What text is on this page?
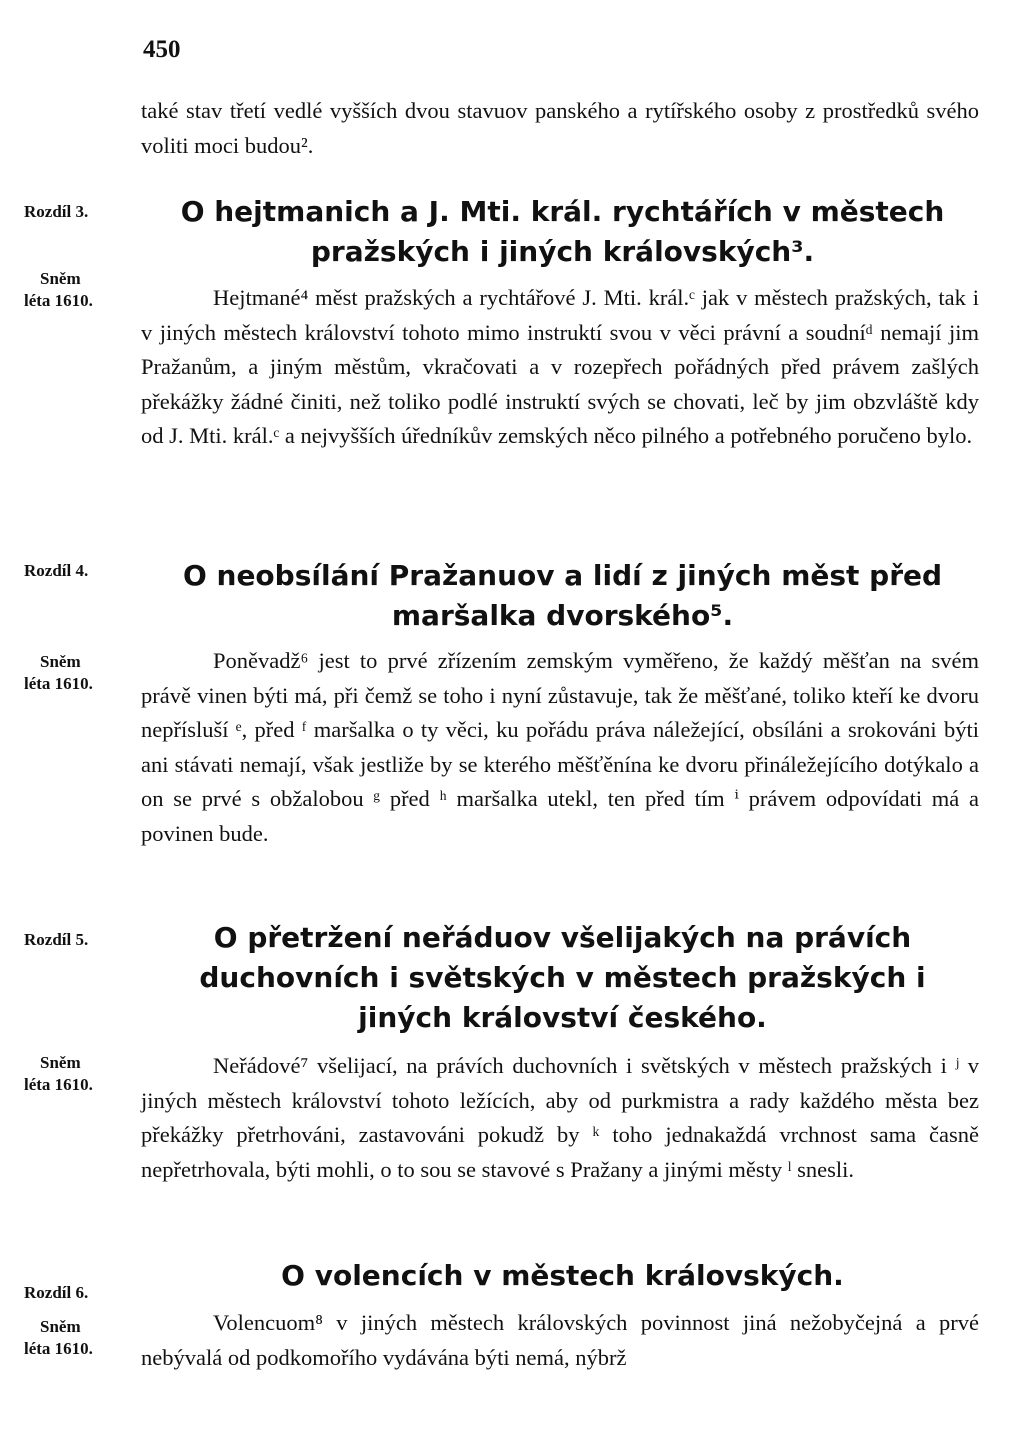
450

také stav třetí vedlé vyšších dvou stavuov panského a rytířského osoby z prostředků svého voliti moci budou².

Rozdíl 3.
Sněm
léta 1610.
O hejtmanich a J. Mti. král. rychtářích v městech pražských i jiných královských³.

Hejtmané⁴ měst pražských a rychtářové J. Mti. král.ᶜ jak v městech pražských, tak i v jiných městech království tohoto mimo instruktí svou v věci právní a soudníᵈ nemají jim Pražanům, a jiným městům, vkračovati a v rozepřech pořádných před právem zašlých překážky žádné činiti, než toliko podlé instruktí svých se chovati, leč by jim obzvláště kdy od J. Mti. král.ᶜ a nejvyšších úředníkův zemských něco pilného a potřebného poručeno bylo.

Rozdíl 4.
Sněm
léta 1610.
O neobsílání Pražanuov a lidí z jiných měst před maršalka dvorského⁵.

Poněvadž⁶ jest to prvé zřízením zemským vyměřeno, že každý měšťan na svém právě vinen býti má, při čemž se toho i nyní zůstavuje, tak že měšťané, toliko kteří ke dvoru nepřísluší ᵉ, před ᶠ maršalka o ty věci, ku pořádu práva náležející, obsíláni a srokováni býti ani stávati nemají, však jestliže by se kterého měšťěnína ke dvoru přináležejícího dotýkalo a on se prvé s obžalobou ᵍ před ʰ maršalka utekl, ten před tím ⁱ právem odpovídati má a povinen bude.

Rozdíl 5.
Sněm
léta 1610.
O přetržení neřáduov všelijakých na právích duchovních i světských v městech pražských i jiných království českého.

Neřádové⁷ všelijací, na právích duchovních i světských v městech pražských i ʲ v jiných městech království tohoto ležících, aby od purkmistra a rady každého města bez překážky přetrhováni, zastavováni pokudž by ᵏ toho jednakaždá vrchnost sama časně nepřetrhovala, býti mohli, o to sou se stavové s Pražany a jinými městy ˡ snesli.

Rozdíl 6.
Sněm
léta 1610.
O volencích v městech královských.

Volencuom⁸ v jiných městech královských povinnost jiná nežobyčejná a prvé nebývalá od podkomořího vydávána býti nemá, nýbrž
